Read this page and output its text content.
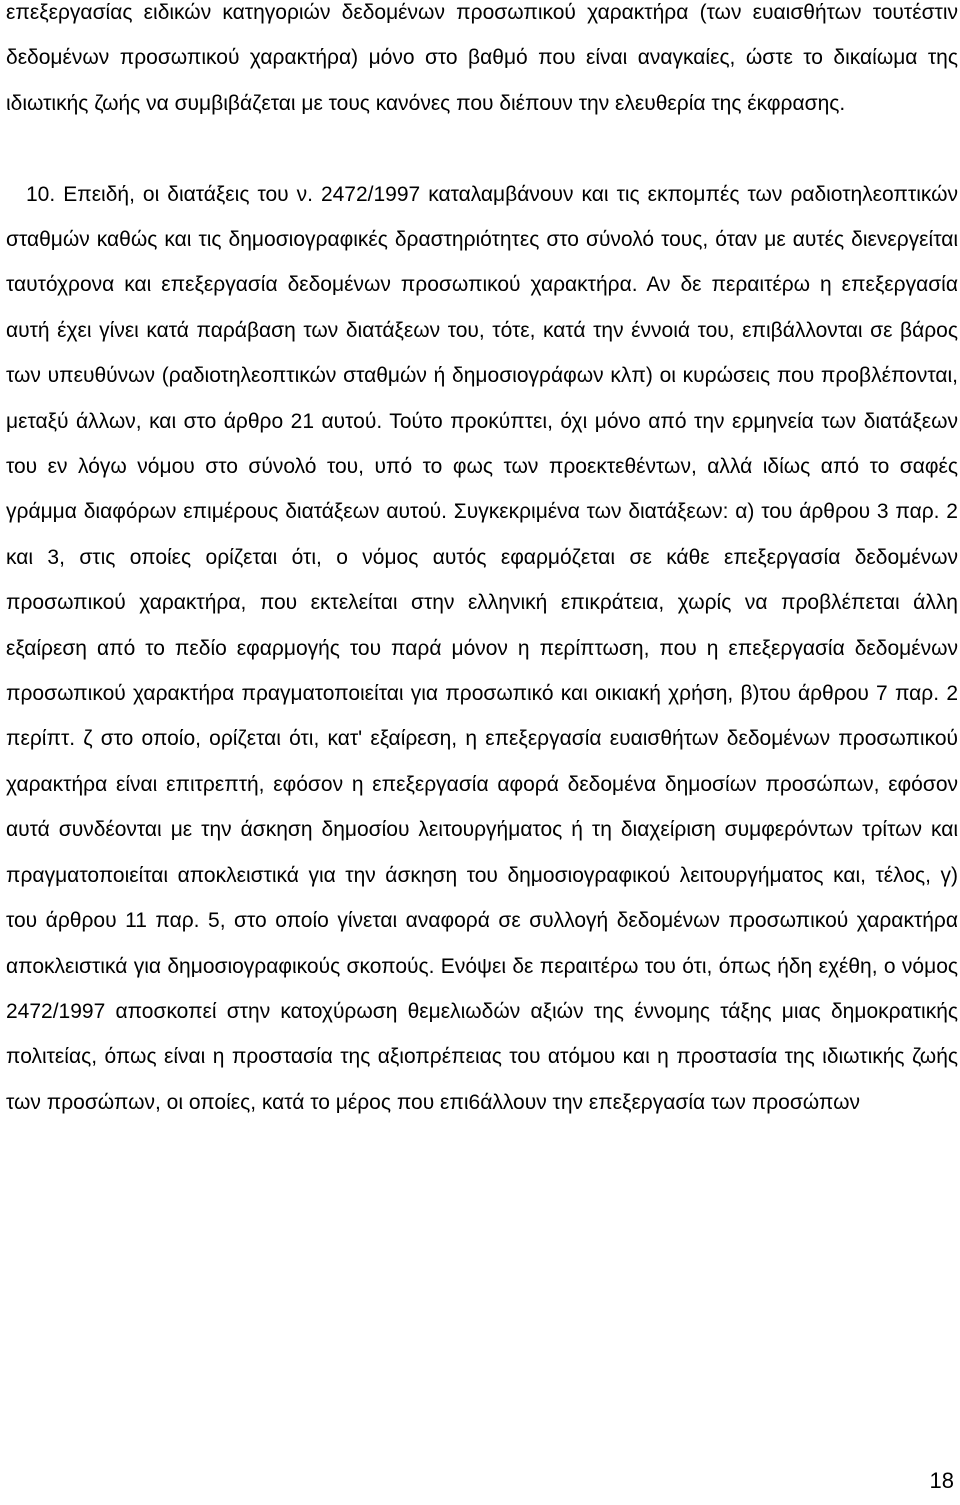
επεξεργασίας ειδικών κατηγοριών δεδομένων προσωπικού χαρακτήρα (των ευαισθήτων τουτέστιν δεδομένων προσωπικού χαρακτήρα) μόνο στο βαθμό που είναι αναγκαίες, ώστε το δικαίωμα της ιδιωτικής ζωής να συμβιβάζεται με τους κανόνες που διέπουν την ελευθερία της έκφρασης.

10. Επειδή, οι διατάξεις του ν. 2472/1997 καταλαμβάνουν και τις εκπομπές των ραδιοτηλεοπτικών σταθμών καθώς και τις δημοσιογραφικές δραστηριότητες στο σύνολό τους, όταν με αυτές διενεργείται ταυτόχρονα και επεξεργασία δεδομένων προσωπικού χαρακτήρα. Αν δε περαιτέρω η επεξεργασία αυτή έχει γίνει κατά παράβαση των διατάξεων του, τότε, κατά την έννοιά του, επιβάλλονται σε βάρος των υπευθύνων (ραδιοτηλεοπτικών σταθμών ή δημοσιογράφων κλπ) οι κυρώσεις που προβλέπονται, μεταξύ άλλων, και στο άρθρο 21 αυτού. Τούτο προκύπτει, όχι μόνο από την ερμηνεία των διατάξεων του εν λόγω νόμου στο σύνολό του, υπό το φως των προεκτεθέντων, αλλά ιδίως από το σαφές γράμμα διαφόρων επιμέρους διατάξεων αυτού. Συγκεκριμένα των διατάξεων: α) του άρθρου 3 παρ. 2 και 3, στις οποίες ορίζεται ότι, ο νόμος αυτός εφαρμόζεται σε κάθε επεξεργασία δεδομένων προσωπικού χαρακτήρα, που εκτελείται στην ελληνική επικράτεια, χωρίς να προβλέπεται άλλη εξαίρεση από το πεδίο εφαρμογής του παρά μόνον η περίπτωση, που η επεξεργασία δεδομένων προσωπικού χαρακτήρα πραγματοποιείται για προσωπικό και οικιακή χρήση, β)του άρθρου 7 παρ. 2 περίπτ. ζ στο οποίο, ορίζεται ότι, κατ' εξαίρεση, η επεξεργασία ευαισθήτων δεδομένων προσωπικού χαρακτήρα είναι επιτρεπτή, εφόσον η επεξεργασία αφορά δεδομένα δημοσίων προσώπων, εφόσον αυτά συνδέονται με την άσκηση δημοσίου λειτουργήματος ή τη διαχείριση συμφερόντων τρίτων και πραγματοποιείται αποκλειστικά για την άσκηση του δημοσιογραφικού λειτουργήματος και, τέλος, γ) του άρθρου 11 παρ. 5, στο οποίο γίνεται αναφορά σε συλλογή δεδομένων προσωπικού χαρακτήρα αποκλειστικά για δημοσιογραφικούς σκοπούς. Ενόψει δε περαιτέρω του ότι, όπως ήδη εχέθη, ο νόμος 2472/1997 αποσκοπεί στην κατοχύρωση θεμελιωδών αξιών της έννομης τάξης μιας δημοκρατικής πολιτείας, όπως είναι η προστασία της αξιοπρέπειας του ατόμου και η προστασία της ιδιωτικής ζωής των προσώπων, οι οποίες, κατά το μέρος που επι6άλλουν την επεξεργασία των προσώπων

18
